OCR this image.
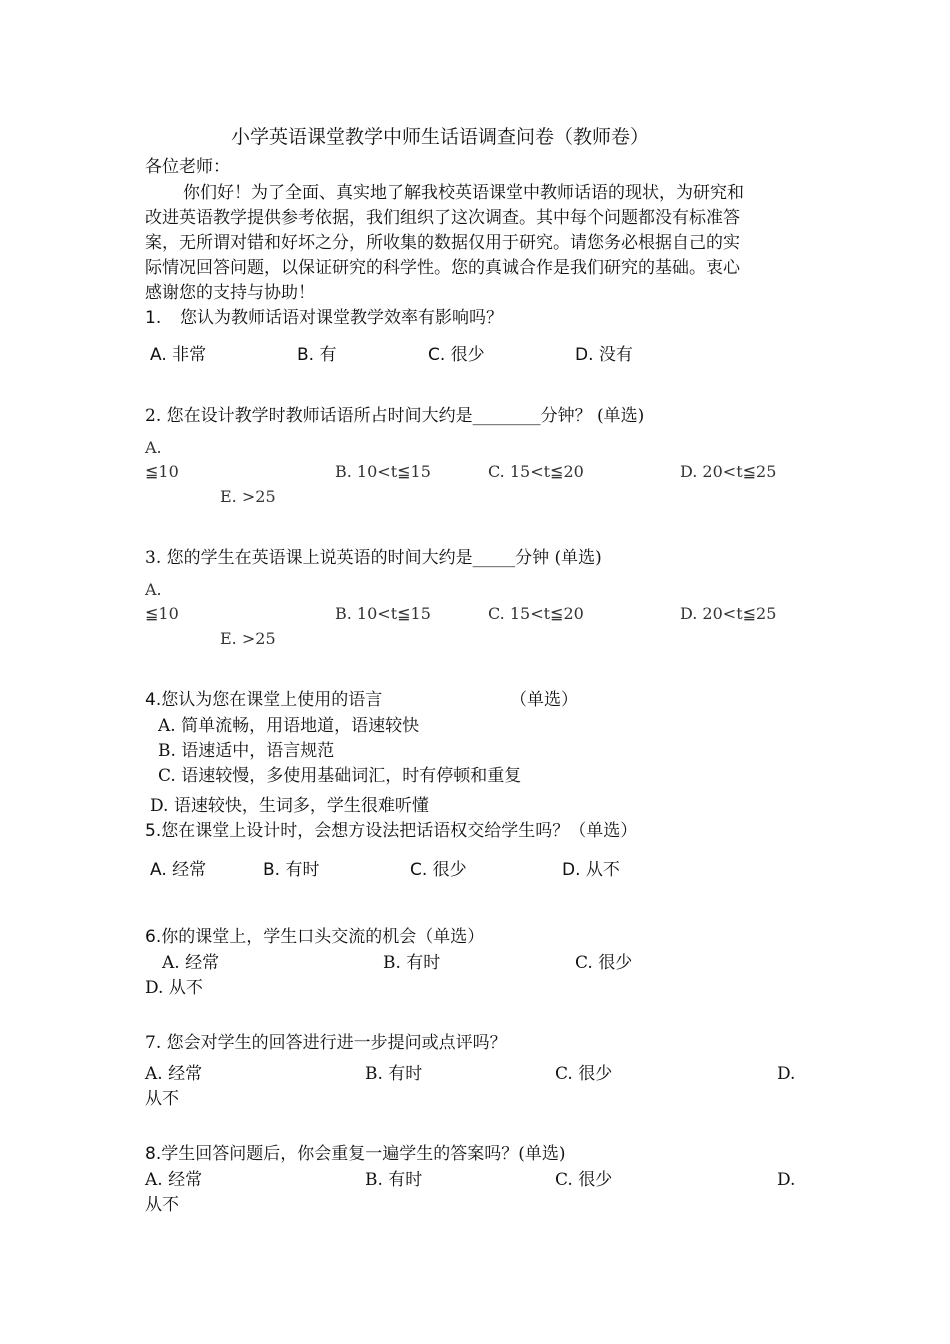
小学英语课堂教学中师生话语调查问卷（教师卷）
各位老师：
你们好！为了全面、真实地了解我校英语课堂中教师话语的现状，为研究和
改进英语教学提供参考依据，我们组织了这次调查。其中每个问题都没有标准答
案，无所谓对错和好坏之分，所收集的数据仅用于研究。请您务必根据自己的实
际情况回答问题，以保证研究的科学性。您的真诚合作是我们研究的基础。衷心
感谢您的支持与协助！
1. 您认为教师话语对课堂教学效率有影响吗？
A. 非常	B. 有	C. 很少	D. 没有
2. 您在设计教学时教师话语所占时间大约是________分钟？ (单选)
A.
≦10	B. 10<t≦15	C. 15<t≦20	D. 20<t≦25
E. >25
3. 您的学生在英语课上说英语的时间大约是_____分钟 (单选)
A.
≦10	B. 10<t≦15	C. 15<t≦20	D. 20<t≦25
E. >25
4.您认为您在课堂上使用的语言	（单选）
A. 简单流畅，用语地道，语速较快
B. 语速适中，语言规范
C. 语速较慢，多使用基础词汇，时有停顿和重复
D. 语速较快，生词多，学生很难听懂
5.您在课堂上设计时，会想方设法把话语权交给学生吗？（单选）
A. 经常	B. 有时	C. 很少	D. 从不
6.你的课堂上，学生口头交流的机会（单选）
A. 经常	B. 有时	C. 很少
D. 从不
7. 您会对学生的回答进行进一步提问或点评吗？
A. 经常	B. 有时	C. 很少	D.
从不
8.学生回答问题后，你会重复一遍学生的答案吗？(单选)
A. 经常	B. 有时	C. 很少	D.
从不
